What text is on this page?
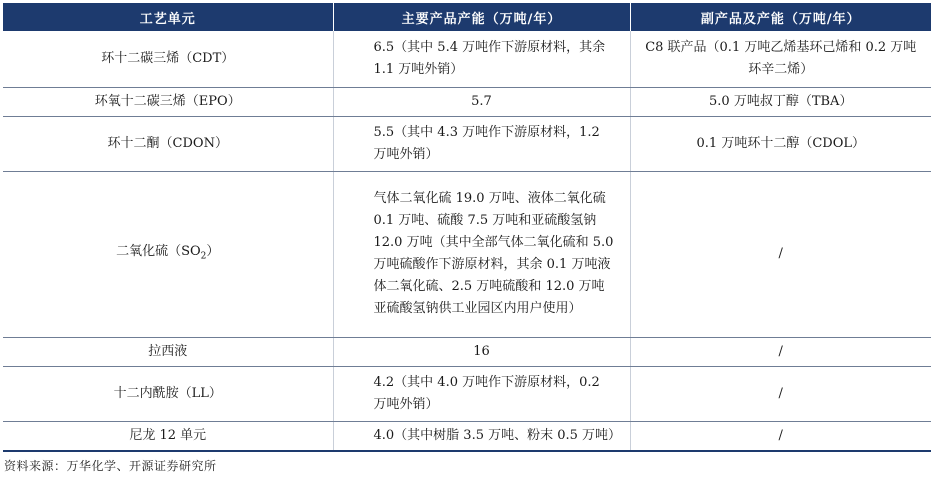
工艺单元	主要产品产能（万吨/年）	副产品及产能（万吨/年）
环十二碳三烯（CDT）	6.5（其中 5.4 万吨作下游原材料，其余 1.1 万吨外销）	C8 联产品（0.1 万吨乙烯基环己烯和 0.2 万吨环辛二烯）
环氧十二碳三烯（EPO）	5.7	5.0 万吨叔丁醇（TBA）
环十二酮（CDON）	5.5（其中 4.3 万吨作下游原材料，1.2 万吨外销）	0.1 万吨环十二醇（CDOL）
二氧化硫$(SO_2)$	气体二氧化硫 19.0 万吨、液体二氧化硫 0.1 万吨、硫酸 7.5 万吨和亚硫酸氢钠 12.0 万吨（其中全部气体二氧化硫和 5.0 万吨硫酸作下游原材料，其余 0.1 万吨液体二氧化硫、2.5 万吨硫酸和 12.0 万吨亚硫酸氢钠供工业园区内用户使用）	/
拉西液	16	/
十二内酰胺（LL）	4.2（其中 4.0 万吨作下游原材料，0.2 万吨外销）	/
尼龙 12 单元	4.0（其中树脂 3.5 万吨、粉末 0.5 万吨）	/
资料来源：万华化学、开源证券研究所
